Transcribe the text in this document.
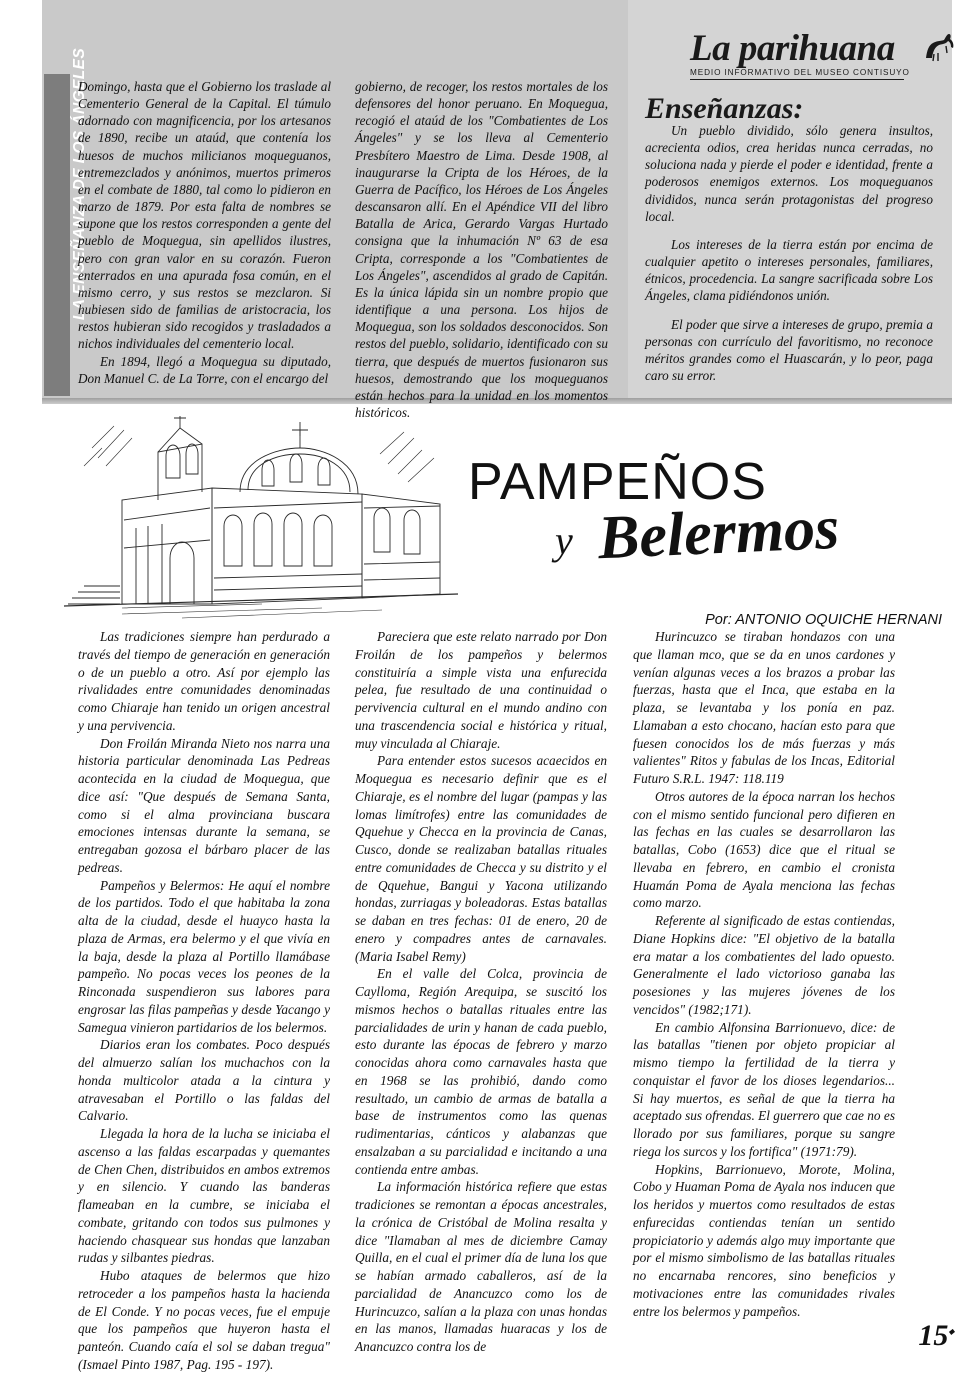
LA ENSEÑANZA DE LOS ÁNGELES	La parihuana
MEDIO INFORMATIVO DEL MUSEO CONTISUYO
Enseñanzas:

Domingo, hasta que el Gobierno los traslade al Cementerio General de la Capital. El túmulo adornado con magnificencia, por los artesanos de 1890, recibe un ataúd, que contenía los huesos de muchos milicianos moqueguanos, entremezclados y anónimos, muertos primeros en el combate de 1880, tal como lo pidieron en marzo de 1879. Por esta falta de nombres se supone que los restos corresponden a gente del pueblo de Moquegua, sin apellidos ilustres, pero con gran valor en su corazón. Fueron enterrados en una apurada fosa común, en el mismo cerro, y sus restos se mezclaron. Si hubiesen sido de familias de aristocracia, los restos hubieran sido recogidos y trasladados a nichos individuales del cementerio local.

En 1894, llegó a Moquegua su diputado, Don Manuel C. de La Torre, con el encargo del

gobierno, de recoger, los restos mortales de los defensores del honor peruano. En Moquegua, recogió el ataúd de los "Combatientes de Los Ángeles" y se los lleva al Cementerio Presbítero Maestro de Lima. Desde 1908, al inaugurarse la Cripta de los Héroes, de la Guerra de Pacífico, los Héroes de Los Ángeles descansaron allí. En el Apéndice VII del libro Batalla de Arica, Gerardo Vargas Hurtado consigna que la inhumación Nº 63 de esa Cripta, corresponde a los "Combatientes de Los Ángeles", ascendidos al grado de Capitán. Es la única lápida sin un nombre propio que identifique a una persona. Los hijos de Moquegua, son los soldados desconocidos. Son restos del pueblo, solidario, identificado con su tierra, que después de muertos fusionaron sus huesos, demostrando que los moqueguanos están hechos para la unidad en los momentos históricos.

Un pueblo dividido, sólo genera insultos, acrecienta odios, crea heridas nunca cerradas, no soluciona nada y pierde el poder e identidad, frente a poderosos enemigos externos. Los moqueguanos divididos, nunca serán protagonistas del progreso local.

Los intereses de la tierra están por encima de cualquier apetito o intereses personales, familiares, étnicos, procedencia. La sangre sacrificada sobre Los Ángeles, clama pidiéndonos unión.

El poder que sirve a intereses de grupo, premia a personas con currículo del favoritismo, no reconoce méritos grandes como el Huascarán, y lo peor, paga caro su error.

PAMPEÑOS
y Belermos
Por: ANTONIO OQUICHE HERNANI

Las tradiciones siempre han perdurado a través del tiempo de generación en generación o de un pueblo a otro. Así por ejemplo las rivalidades entre comunidades denominadas como Chiaraje han tenido un origen ancestral y una pervivencia.

Don Froilán Miranda Nieto nos narra una historia particular denominada Las Pedreas acontecida en la ciudad de Moquegua, que dice así: "Que después de Semana Santa, como si el alma provinciana buscara emociones intensas durante la semana, se entregaban gozosa el bárbaro placer de las pedreas.

Pampeños y Belermos: He aquí el nombre de los partidos. Todo el que habitaba la zona alta de la ciudad, desde el huayco hasta la plaza de Armas, era belermo y el que vivía en la baja, desde la plaza al Portillo llamábase pampeño. No pocas veces los peones de la Rinconada suspendieron sus labores para engrosar las filas pampeñas y desde Yacango y Samegua vinieron partidarios de los belermos.

Diarios eran los combates. Poco después del almuerzo salían los muchachos con la honda multicolor atada a la cintura y atravesaban el Portillo o las faldas del Calvario.

Llegada la hora de la lucha se iniciaba el ascenso a las faldas escarpadas y quemantes de Chen Chen, distribuidos en ambos extremos y en silencio. Y cuando las banderas flameaban en la cumbre, se iniciaba el combate, gritando con todos sus pulmones y haciendo chasquear sus hondas que lanzaban rudas y silbantes piedras.

Hubo ataques de belermos que hizo retroceder a los pampeños hasta la hacienda de El Conde. Y no pocas veces, fue el empuje que los pampeños que huyeron hasta el panteón. Cuando caía el sol se daban tregua" (Ismael Pinto 1987, Pag. 195 - 197).

Pareciera que este relato narrado por Don Froilán de los pampeños y belermos constituiría a simple vista una enfurecida pelea, fue resultado de una continuidad o pervivencia cultural en el mundo andino con una trascendencia social e histórica y ritual, muy vinculada al Chiaraje.

Para entender estos sucesos acaecidos en Moquegua es necesario definir que es el Chiaraje, es el nombre del lugar (pampas y las lomas limítrofes) entre las comunidades de Qquehue y Checca en la provincia de Canas, Cusco, donde se realizaban batallas rituales entre comunidades de Checca y su distrito y el de Qquehue, Bangui y Yacona utilizando hondas, zurriagas y boleadoras. Estas batallas se daban en tres fechas: 01 de enero, 20 de enero y compadres antes de carnavales. (Maria Isabel Remy)

En el valle del Colca, provincia de Caylloma, Región Arequipa, se suscitó los mismos hechos o batallas rituales entre las parcialidades de urin y hanan de cada pueblo, esto durante las épocas de febrero y marzo conocidas ahora como carnavales hasta que en 1968 se las prohibió, dando como resultado, un cambio de armas de batalla a base de instrumentos como las quenas rudimentarias, cánticos y alabanzas que ensalzaban a su parcialidad e incitando a una contienda entre ambas.

La información histórica refiere que estas tradiciones se remontan a épocas ancestrales, la crónica de Cristóbal de Molina resalta y dice "Ilamaban al mes de diciembre Camay Quilla, en el cual el primer día de luna los que se habían armado caballeros, así de la parcialidad de Anancuzco como los de Hurincuzco, salían a la plaza con unas hondas en las manos, llamadas huaracas y los de Anancuzco contra los de

Hurincuzco se tiraban hondazos con una que llaman mco, que se da en unos cardones y venían algunas veces a los brazos a probar las fuerzas, hasta que el Inca, que estaba en la plaza, se levantaba y los ponía en paz. Llamaban a esto chocano, hacían esto para que fuesen conocidos los de más fuerzas y más valientes" Ritos y fabulas de los Incas, Editorial Futuro S.R.L. 1947: 118.119

Otros autores de la época narran los hechos con el mismo sentido funcional pero difieren en las fechas en las cuales se desarrollaron las batallas, Cobo (1653) dice que el ritual se llevaba en febrero, en cambio el cronista Huamán Poma de Ayala menciona las fechas como marzo.

Referente al significado de estas contiendas, Diane Hopkins dice: "El objetivo de la batalla era matar a los combatientes del lado opuesto. Generalmente el lado victorioso ganaba las posesiones y las mujeres jóvenes de los vencidos" (1982;171).

En cambio Alfonsina Barrionuevo, dice: de las batallas "tienen por objeto propiciar al mismo tiempo la fertilidad de la tierra y conquistar el favor de los dioses legendarios... Si hay muertos, es señal de que la tierra ha aceptado sus ofrendas. El guerrero que cae no es llorado por sus familiares, porque su sangre riega los surcos y los fortifica" (1971:79).

Hopkins, Barrionuevo, Morote, Molina, Cobo y Huaman Poma de Ayala nos inducen que los heridos y muertos como resultados de estas enfurecidas contiendas tenían un sentido propiciatorio y además algo muy importante que por el mismo simbolismo de las batallas rituales no encarnaba rencores, sino beneficios y motivaciones entre las comunidades rivales entre los belermos y pampeños.

15◆
